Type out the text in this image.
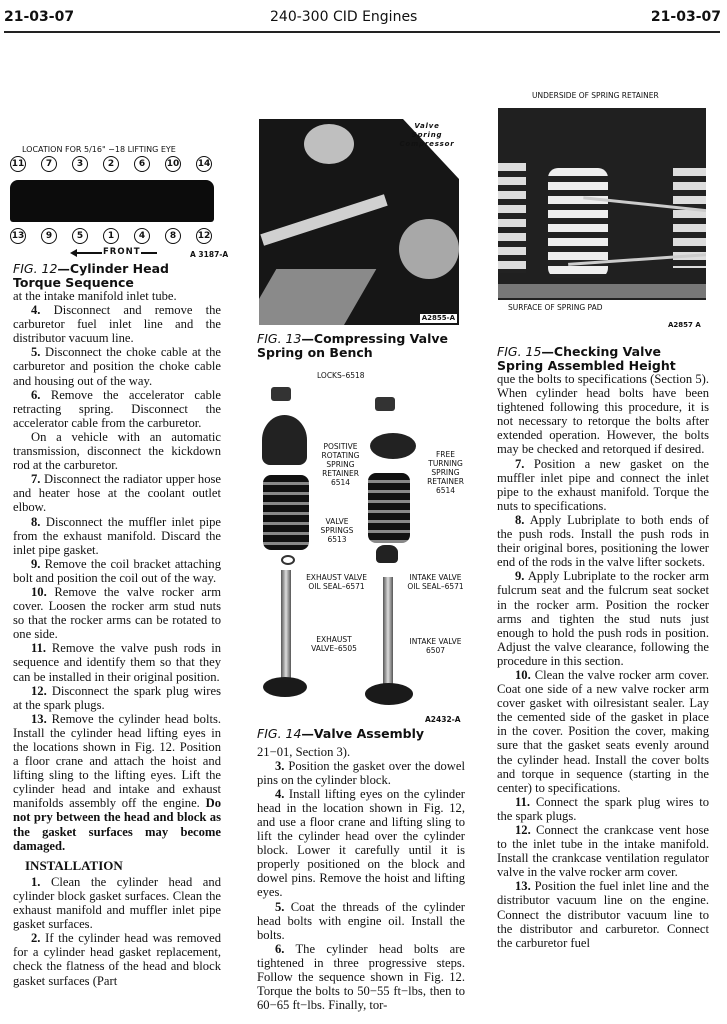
21-03-07	240-300 CID Engines	21-03-07
LOCATION FOR 5/16" −18 LIFTING EYE
11	7	3	2	6	10 14
13	9	5	1	4	8	12
FRONT	A 3187-A

FIG. 12—Cylinder Head Torque Sequence

at the intake manifold inlet tube.

4. Disconnect and remove the carburetor fuel inlet line and the distributor vacuum line.

5. Disconnect the choke cable at the carburetor and position the choke cable and housing out of the way.

6. Remove the accelerator cable retracting spring. Disconnect the accelerator cable from the carburetor.

On a vehicle with an automatic transmission, disconnect the kickdown rod at the carburetor.

7. Disconnect the radiator upper hose and heater hose at the coolant outlet elbow.

8. Disconnect the muffler inlet pipe from the exhaust manifold. Discard the inlet pipe gasket.

9. Remove the coil bracket attaching bolt and position the coil out of the way.

10. Remove the valve rocker arm cover. Loosen the rocker arm stud nuts so that the rocker arms can be rotated to one side.

11. Remove the valve push rods in sequence and identify them so that they can be installed in their original position.

12. Disconnect the spark plug wires at the spark plugs.

13. Remove the cylinder head bolts. Install the cylinder head lifting eyes in the locations shown in Fig. 12. Position a floor crane and attach the hoist and lifting sling to the lifting eyes. Lift the cylinder head and intake and exhaust manifolds assembly off the engine. Do not pry between the head and block as the gasket surfaces may become damaged.

INSTALLATION

1. Clean the cylinder head and cylinder block gasket surfaces. Clean the exhaust manifold and muffler inlet pipe gasket surfaces.

2. If the cylinder head was removed for a cylinder head gasket replacement, check the flatness of the head and block gasket surfaces (Part

Valve Spring Compressor
A2855-A

FIG. 13—Compressing Valve Spring on Bench

LOCKS–6518
POSITIVE ROTATING SPRING RETAINER 6514
FREE TURNING SPRING RETAINER 6514
VALVE SPRINGS 6513
EXHAUST VALVE OIL SEAL–6571
INTAKE VALVE OIL SEAL–6571
EXHAUST VALVE–6505
INTAKE VALVE 6507
A2432-A

FIG. 14—Valve Assembly

21−01, Section 3).

3. Position the gasket over the dowel pins on the cylinder block.

4. Install lifting eyes on the cylinder head in the location shown in Fig. 12, and use a floor crane and lifting sling to lift the cylinder head over the cylinder block. Lower it carefully until it is properly positioned on the block and dowel pins. Remove the hoist and lifting eyes.

5. Coat the threads of the cylinder head bolts with engine oil. Install the bolts.

6. The cylinder head bolts are tightened in three progressive steps. Follow the sequence shown in Fig. 12. Torque the bolts to 50−55 ft−lbs, then to 60−65 ft−lbs. Finally, tor-

UNDERSIDE OF SPRING RETAINER
SURFACE OF SPRING PAD
A2857 A

FIG. 15—Checking Valve Spring Assembled Height

que the bolts to specifications (Section 5). When cylinder head bolts have been tightened following this procedure, it is not necessary to retorque the bolts after extended operation. However, the bolts may be checked and retorqued if desired.

7. Position a new gasket on the muffler inlet pipe and connect the inlet pipe to the exhaust manifold. Torque the nuts to specifications.

8. Apply Lubriplate to both ends of the push rods. Install the push rods in their original bores, positioning the lower end of the rods in the valve lifter sockets.

9. Apply Lubriplate to the rocker arm fulcrum seat and the fulcrum seat socket in the rocker arm. Position the rocker arms and tighten the stud nuts just enough to hold the push rods in position. Adjust the valve clearance, following the procedure in this section.

10. Clean the valve rocker arm cover. Coat one side of a new valve rocker arm cover gasket with oilresistant sealer. Lay the cemented side of the gasket in place in the cover. Position the cover, making sure that the gasket seats evenly around the cylinder head. Install the cover bolts and torque in sequence (starting in the center) to specifications.

11. Connect the spark plug wires to the spark plugs.

12. Connect the crankcase vent hose to the inlet tube in the intake manifold. Install the crankcase ventilation regulator valve in the valve rocker arm cover.

13. Position the fuel inlet line and the distributor vacuum line on the engine. Connect the distributor vacuum line to the distributor and carburetor. Connect the carburetor fuel
